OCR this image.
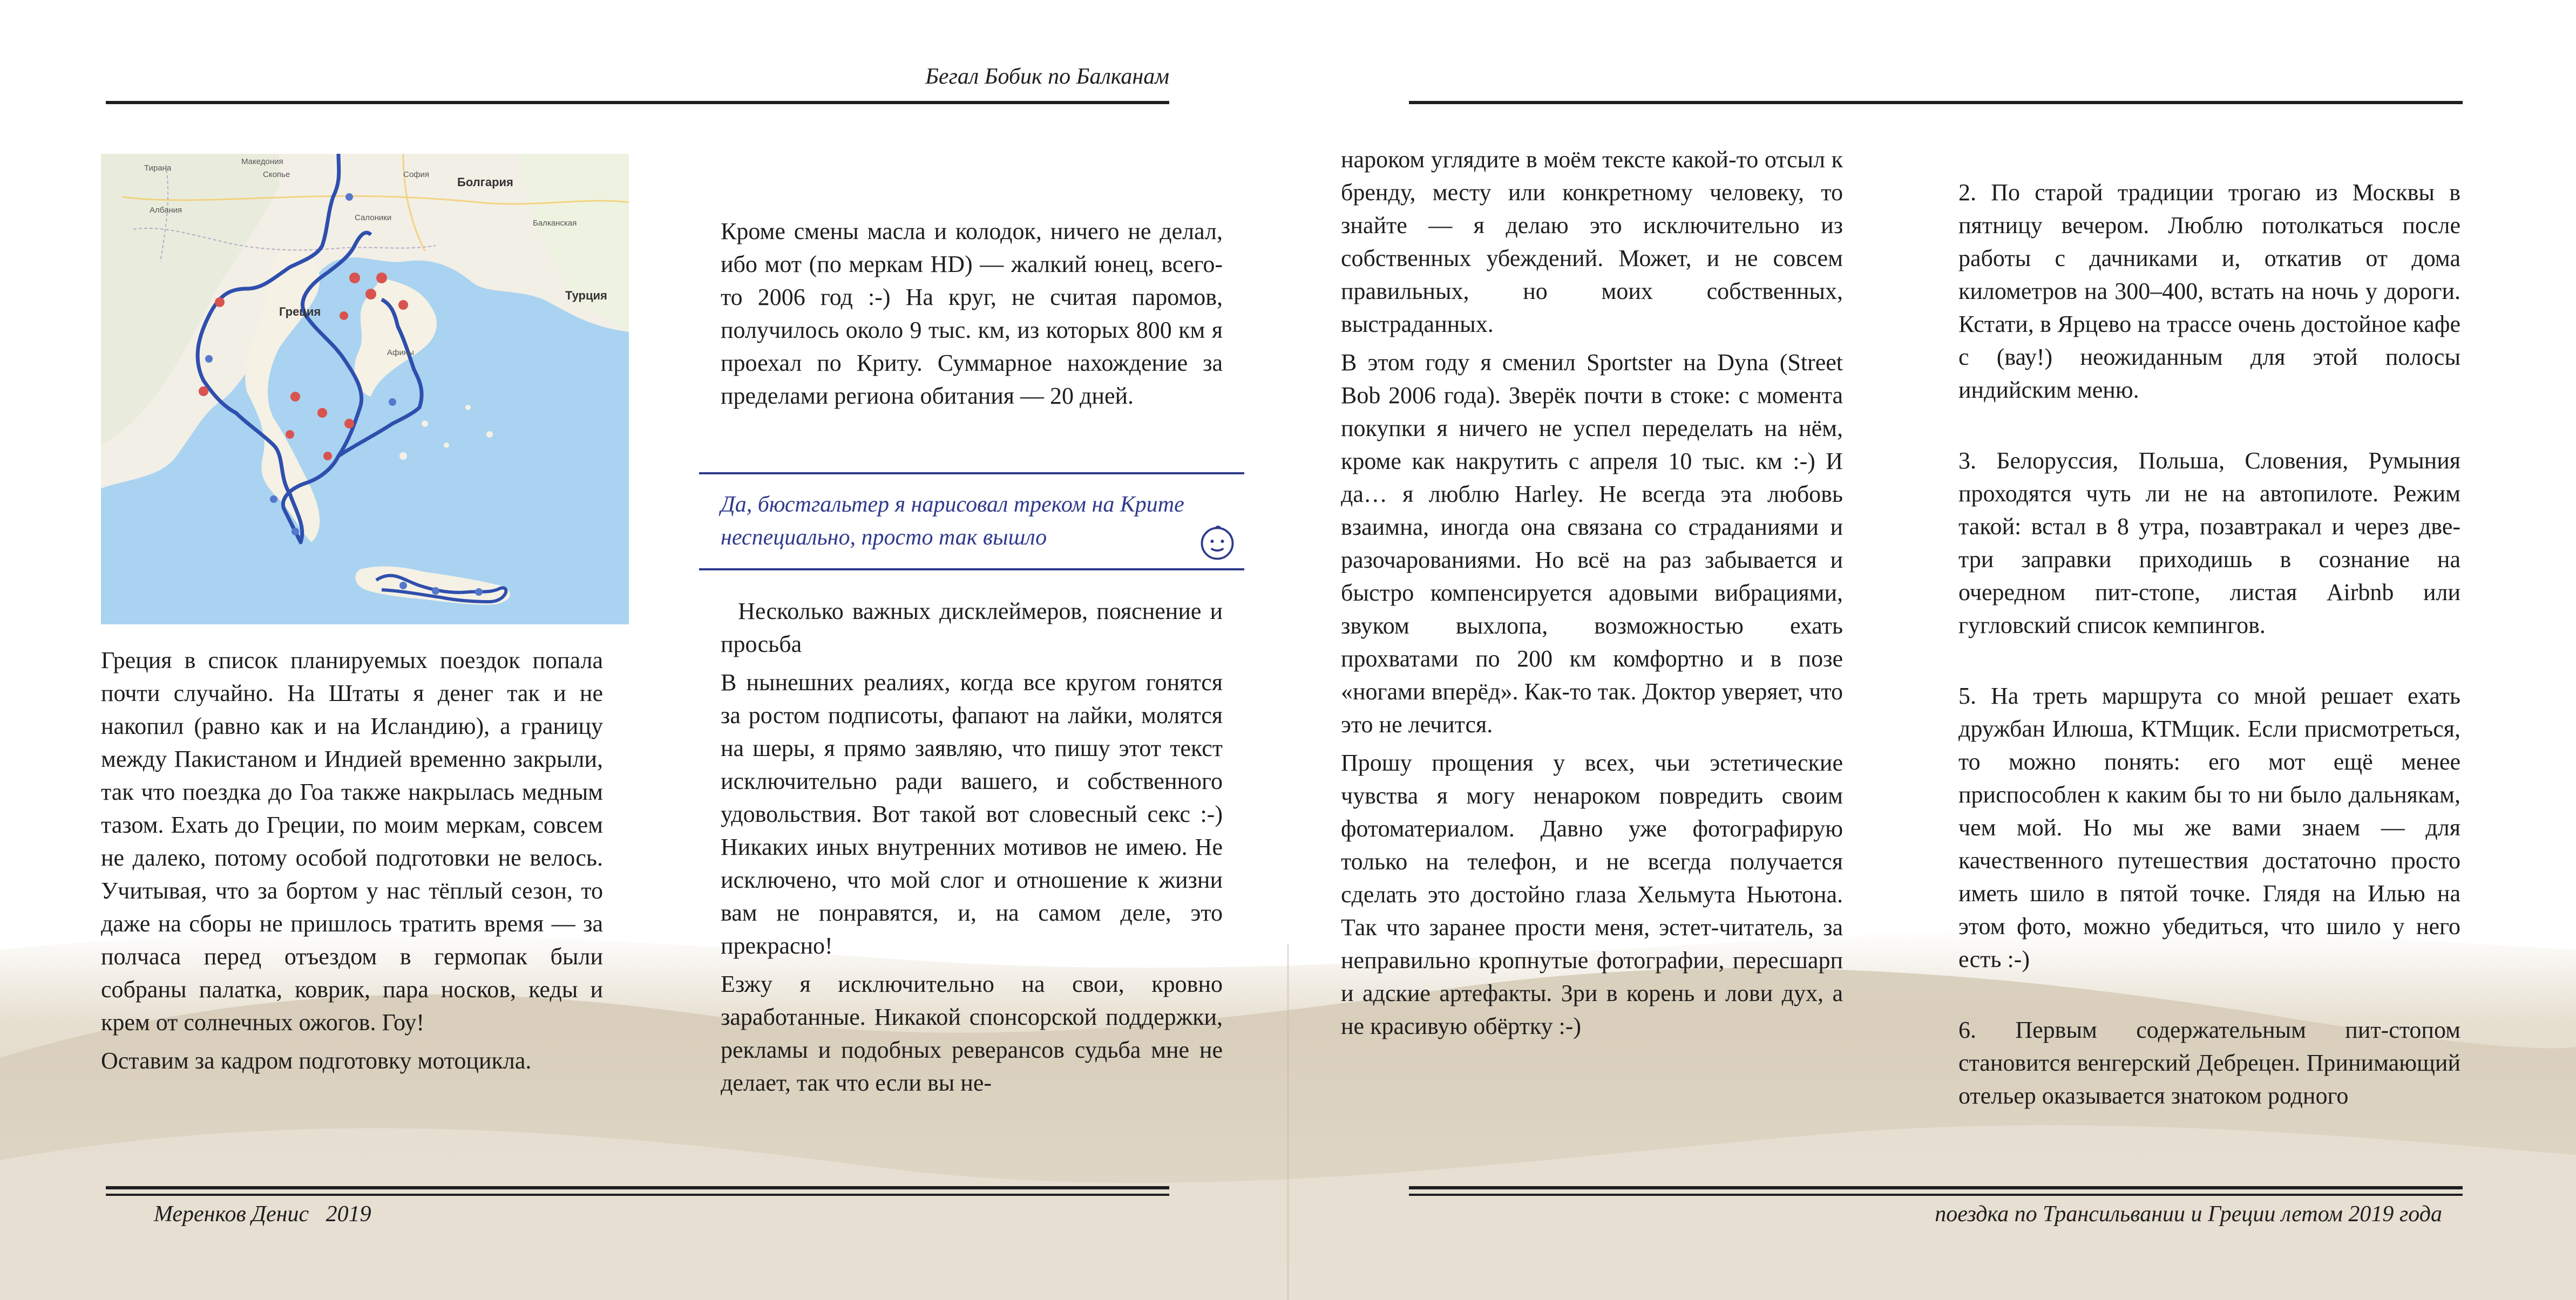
Бегал Бобик по Балканам
Тирана
Македония
Скопье	София
Болгария
Албания
Салоники
Греция
Афины
Балканская
Турция

Греция в список планируемых поездок попала почти случайно. На Штаты я денег так и не накопил (равно как и на Исландию), а границу между Пакистаном и Индией временно закрыли, так что поездка до Гоа также накрылась медным тазом. Ехать до Греции, по моим меркам, совсем не далеко, потому особой подготовки не велось. Учитывая, что за бортом у нас тёплый сезон, то даже на сборы не пришлось тратить время — за полчаса перед отъездом в гермопак были собраны палатка, коврик, пара носков, кеды и крем от солнечных ожогов. Гоу!

Оставим за кадром подготовку мотоцикла.

Кроме смены масла и колодок, ничего не делал, ибо мот (по меркам HD) — жалкий юнец, всего-то 2006 год :-) На круг, не считая паромов, получилось около 9 тыс. км, из которых 800 км я проехал по Криту. Суммарное нахождение за пределами региона обитания — 20 дней.

Да, бюстгальтер я нарисовал треком на Крите неспециально, просто так вышло

Несколько важных дисклеймеров, пояснение и просьба

В нынешних реалиях, когда все кругом гонятся за ростом подписоты, фапают на лайки, молятся на шеры, я прямо заявляю, что пишу этот текст исключительно ради вашего, и собственного удовольствия. Вот такой вот словесный секс :-) Никаких иных внутренних мотивов не имею. Не исключено, что мой слог и отношение к жизни вам не понравятся, и, на самом деле, это прекрасно!

Езжу я исключительно на свои, кровно заработанные. Никакой спонсорской поддержки, рекламы и подобных реверансов судьба мне не делает, так что если вы не-

Меренков Денис   2019

нароком углядите в моём тексте какой-то отсыл к бренду, месту или конкретному человеку, то знайте — я делаю это исключительно из собственных убеждений. Может, и не совсем правильных, но моих собственных, выстраданных.

В этом году я сменил Sportster на Dyna (Street Bob 2006 года). Зверёк почти в стоке: с момента покупки я ничего не успел переделать на нём, кроме как накрутить с апреля 10 тыс. км :-) И да… я люблю Harley. Не всегда эта любовь взаимна, иногда она связана со страданиями и разочарованиями. Но всё на раз забывается и быстро компенсируется адовыми вибрациями, звуком выхлопа, возможностью ехать прохватами по 200 км комфортно и в позе «ногами вперёд». Как-то так. Доктор уверяет, что это не лечится.

Прошу прощения у всех, чьи эстетические чувства я могу ненароком повредить своим фотоматериалом. Давно уже фотографирую только на телефон, и не всегда получается сделать это достойно глаза Хельмута Ньютона. Так что заранее прости меня, эстет-читатель, за неправильно кропнутые фотографии, пересшарп и адские артефакты. Зри в корень и лови дух, а не красивую обёртку :-)

2. По старой традиции трогаю из Москвы в пятницу вечером. Люблю потолкаться после работы с дачниками и, откатив от дома километров на 300–400, встать на ночь у дороги. Кстати, в Ярцево на трассе очень достойное кафе с (вау!) неожиданным для этой полосы индийским меню.

3. Белоруссия, Польша, Словения, Румыния проходятся чуть ли не на автопилоте. Режим такой: встал в 8 утра, позавтракал и через две-три заправки приходишь в сознание на очередном пит-стопе, листая Airbnb или гугловский список кемпингов.

5. На треть маршрута со мной решает ехать дружбан Илюша, КТМщик. Если присмотреться, то можно понять: его мот ещё менее приспособлен к каким бы то ни было дальнякам, чем мой. Но мы же вами знаем — для качественного путешествия достаточно просто иметь шило в пятой точке. Глядя на Илью на этом фото, можно убедиться, что шило у него есть :-)

6. Первым содержательным пит-стопом становится венгерский Дебрецен. Принимающий отельер оказывается знатоком родного

поездка по Трансильвании и Греции летом 2019 года
